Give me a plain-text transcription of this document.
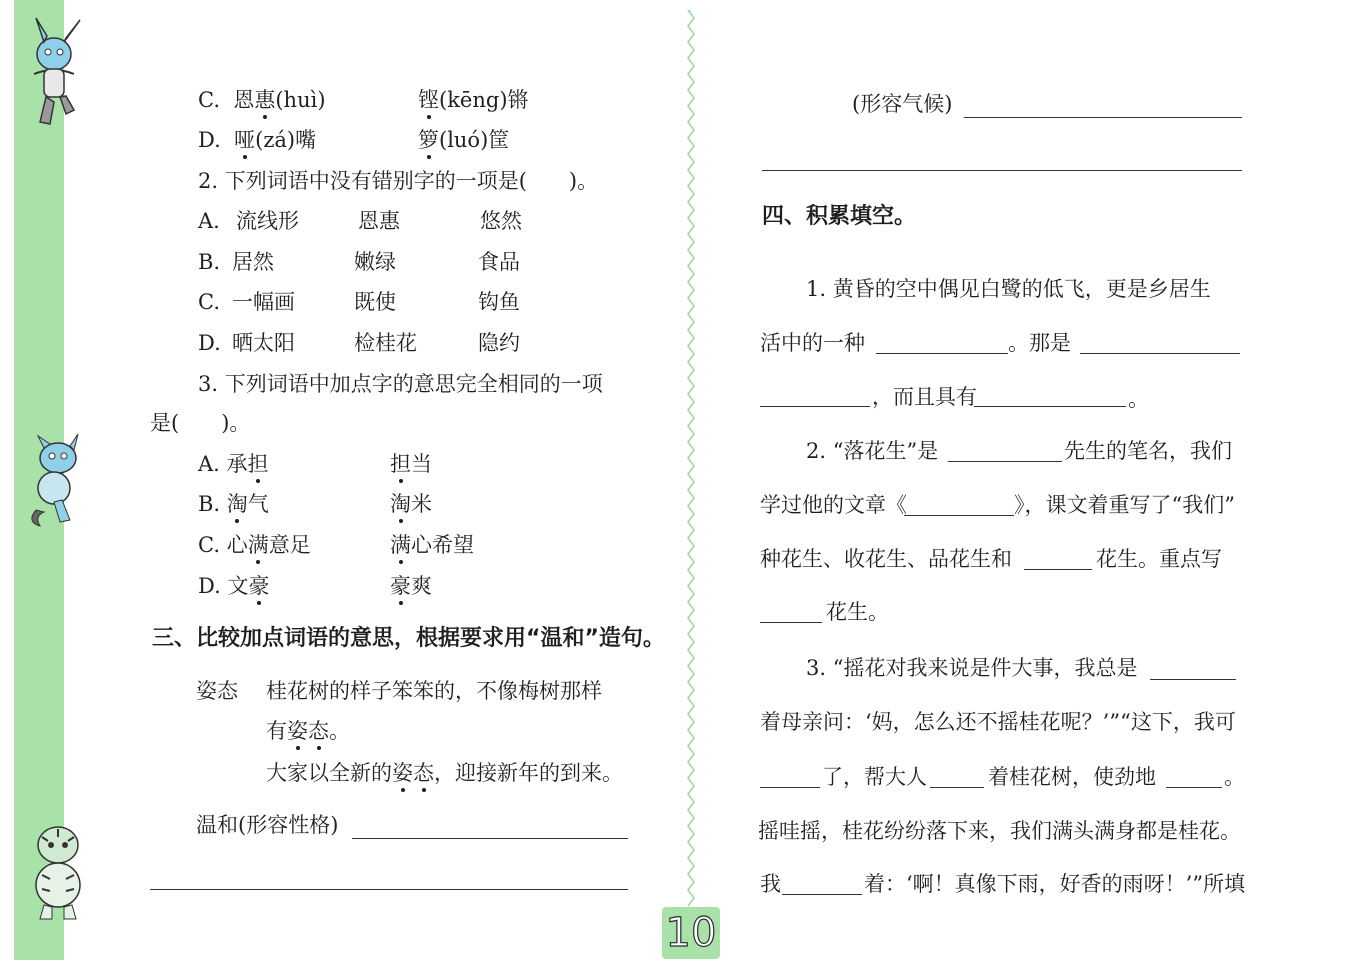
C. 恩惠(huì)	铿(kēng)锵
D. 哑(zá)嘴	箩(luó)筐
2. 下列词语中没有错别字的一项是(　　)。
A. 流线形	恩惠	悠然
B. 居然	嫩绿	食品
C. 一幅画	既使	钩鱼
D. 晒太阳	检桂花	隐约
3. 下列词语中加点字的意思完全相同的一项
是(　　)。
A. 承担	担当
B. 淘气	淘米
C. 心满意足	满心希望
D. 文豪	豪爽
三、比较加点词语的意思，根据要求用“温和”造句。
姿态 桂花树的样子笨笨的，不像梅树那样
有姿态。
大家以全新的姿态，迎接新年的到来。
温和(形容性格)
(形容气候)
四、积累填空。
1. 黄昏的空中偶见白鹭的低飞，更是乡居生
活中的一种	。那是
，而且具有	。
2. “落花生”是	先生的笔名，我们
学过他的文章《	》，课文着重写了“我们”
种花生、收花生、品花生和	花生。重点写
花生。
3. “摇花对我来说是件大事，我总是
着母亲问：‘妈，怎么还不摇桂花呢？’”“这下，我可
了，帮大人	着桂花树，使劲地	。
摇哇摇，桂花纷纷落下来，我们满头满身都是桂花。
我	着：‘啊！真像下雨，好香的雨呀！’”所填
10
